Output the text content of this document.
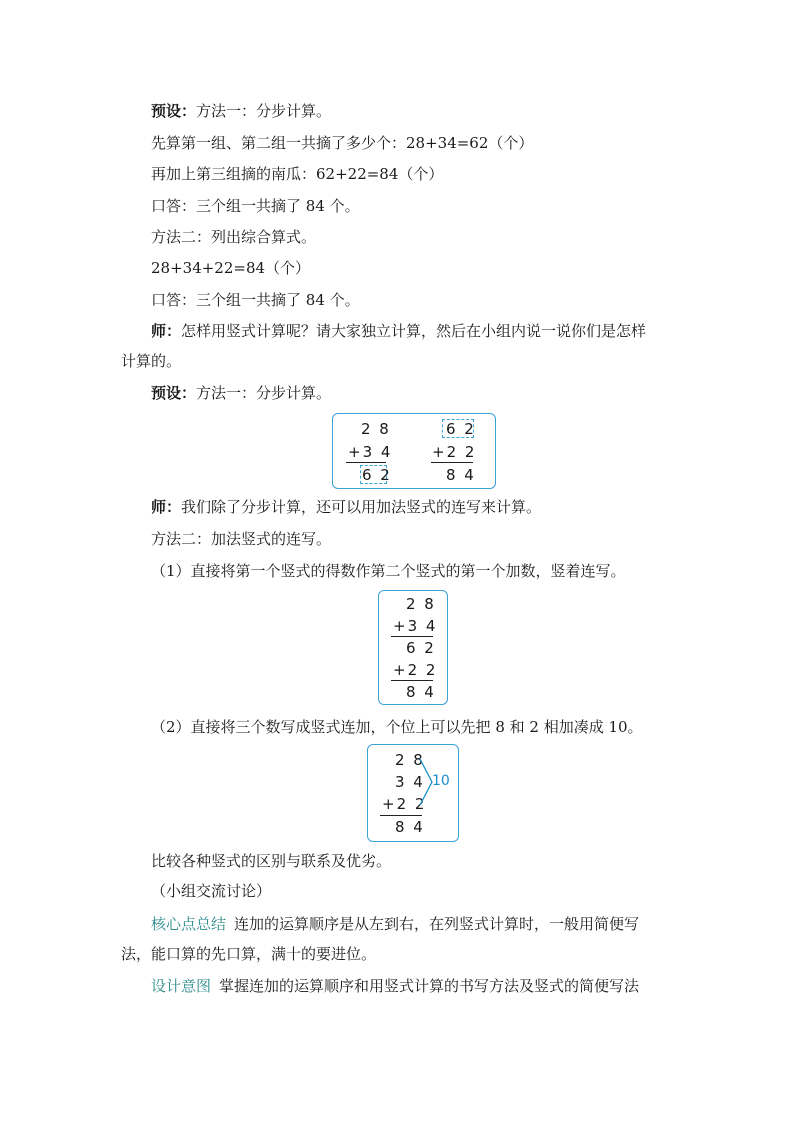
预设：方法一：分步计算。
先算第一组、第二组一共摘了多少个：28+34=62（个）
再加上第三组摘的南瓜：62+22=84（个）
口答：三个组一共摘了 84 个。
方法二：列出综合算式。
28+34+22=84（个）
口答：三个组一共摘了 84 个。
师：怎样用竖式计算呢？请大家独立计算，然后在小组内说一说你们是怎样
计算的。
预设：方法一：分步计算。
2 8
+3 4
6 2
6 2
+2 2
8 4
师：我们除了分步计算，还可以用加法竖式的连写来计算。
方法二：加法竖式的连写。
（1）直接将第一个竖式的得数作第二个竖式的第一个加数，竖着连写。
2 8
+3 4
6 2
+2 2
8 4
（2）直接将三个数写成竖式连加，个位上可以先把 8 和 2 相加凑成 10。
2 8
3 4
+2 2
8 4
10
比较各种竖式的区别与联系及优劣。
（小组交流讨论）
核心点总结 连加的运算顺序是从左到右，在列竖式计算时，一般用简便写
法，能口算的先口算，满十的要进位。
设计意图 掌握连加的运算顺序和用竖式计算的书写方法及竖式的简便写法
